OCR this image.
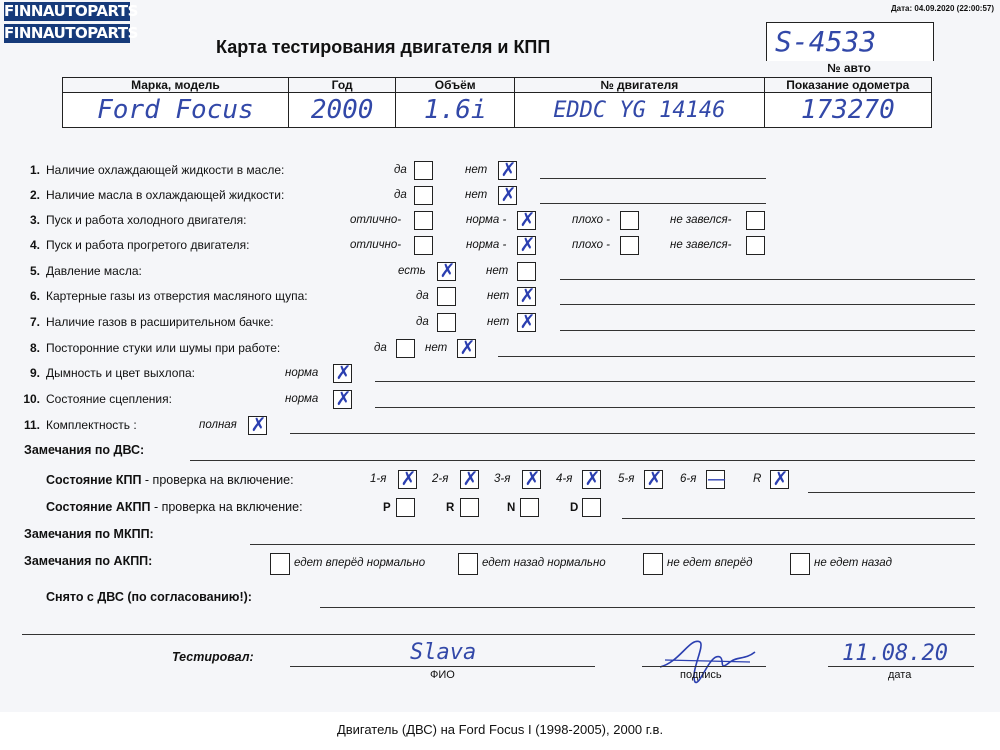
FINNAUTOPARTS
FINNAUTOPARTS
Дата: 04.09.2020 (22:00:57)
Карта тестирования двигателя и КПП	S-4533
№ авто
Марка, модель	Год	Объём	№ двигателя	Показание одометра
Ford Focus	2000	1.6i	EDDC YG 14146	173270
1. Наличие охлаждающей жидкости в масле:	да	нет ✗
2. Наличие масла в охлаждающей жидкости:	да	нет ✗
3. Пуск и работа холодного двигателя:	отлично-	норма - ✗	плохо -	не завелся-
4. Пуск и работа прогретого двигателя:	отлично-	норма - ✗	плохо -	не завелся-
5. Давление масла:	есть ✗	нет
6. Картерные газы из отверстия масляного щупа:	да	нет ✗
7. Наличие газов в расширительном бачке:	да	нет ✗
8. Посторонние стуки или шумы при работе:	да	нет ✗
9. Дымность и цвет выхлопа:	норма ✗
10. Состояние сцепления:	норма ✗
11. Комплектность :	полная ✗
Замечания по ДВС:
Состояние КПП - проверка на включение:	1-я ✗ 2-я ✗ 3-я ✗ 4-я ✗ 5-я ✗ 6-я — R ✗
Состояние АКПП - проверка на включение:	P	R	N	D
Замечания по МКПП:
Замечания по АКПП:	едет вперёд нормально	едет назад нормально	не едет вперёд	не едет назад
Снято с ДВС (по согласованию!):
Тестировал:	Slava
ФИО	подпись
11.08.20
дата
Двигатель (ДВС) на Ford Focus I (1998-2005), 2000 г.в.
